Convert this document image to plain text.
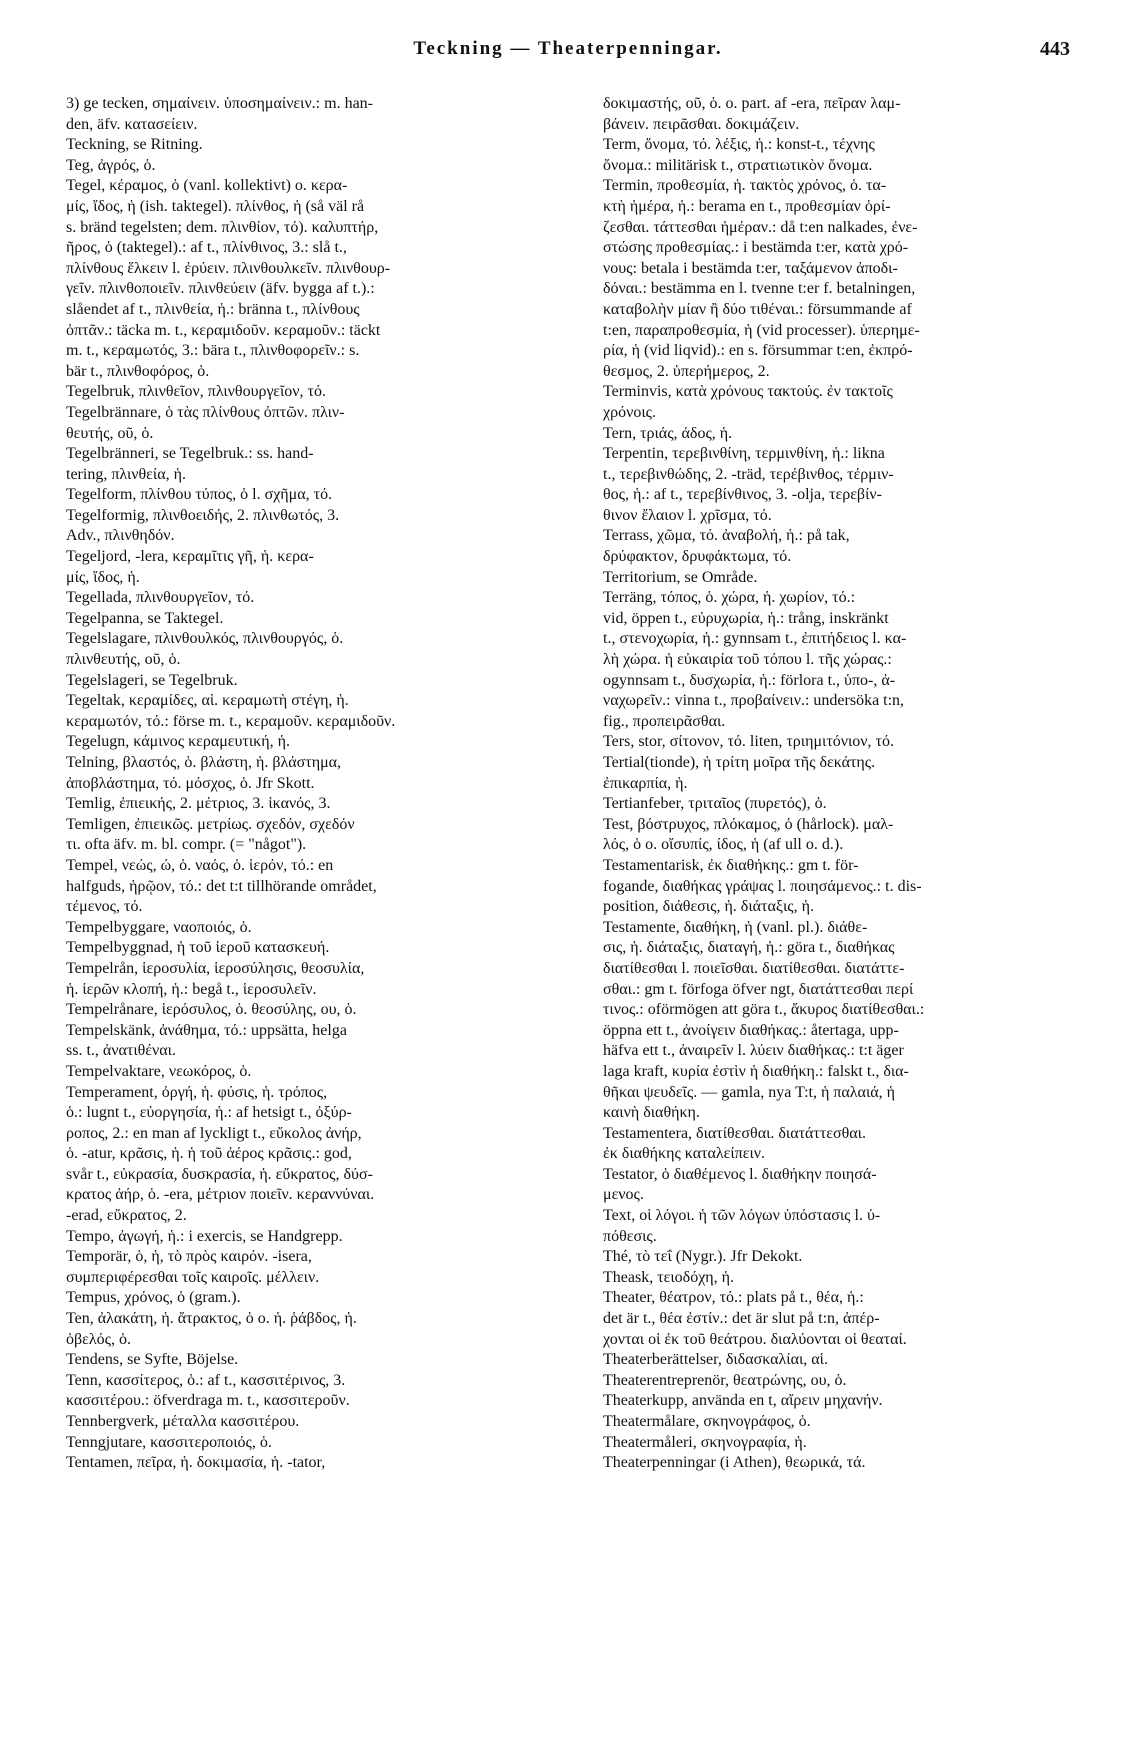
Teckning — Theaterpenningar.	443
3) ge tecken, σημαίνειν. ὑποσημαίνειν.: m. han-
den, äfv. κατασείειν.
Teckning, se Ritning.
Teg, ἀγρός, ὁ.
Tegel, κέραμος, ὁ (vanl. kollektivt) o. κερα-
μίς, ἴδος, ἡ (ish. taktegel). πλίνθος, ἡ (så väl rå
s. bränd tegelsten; dem. πλινθίον, τό). καλυπτήρ,
ῆρος, ὁ (taktegel).: af t., πλίνθινος, 3.: slå t.,
πλίνθους ἕλκειν l. ἐρύειν. πλινθουλκεῖν. πλινθουρ-
γεῖν. πλινθοποιεῖν. πλινθεύειν (äfv. bygga af t.).:
slåendet af t., πλινθεία, ἡ.: bränna t., πλίνθους
ὀπτᾶν.: täcka m. t., κεραμιδοῦν. κεραμοῦν.: täckt
m. t., κεραμωτός, 3.: bära t., πλινθοφορεῖν.: s.
bär t., πλινθοφόρος, ὁ.
Tegelbruk, πλινθεῖον, πλινθουργεῖον, τό.
Tegelbrännare, ὁ τὰς πλίνθους ὀπτῶν. πλιν-
θευτής, οῦ, ὁ.
Tegelbränneri, se Tegelbruk.: ss. hand-
tering, πλινθεία, ἡ.
Tegelform, πλίνθου τύπος, ὁ l. σχῆμα, τό.
Tegelformig, πλινθοειδής, 2. πλινθωτός, 3.
Adv., πλινθηδόν.
Tegeljord, -lera, κεραμῖτις γῆ, ἡ. κερα-
μίς, ἴδος, ἡ.
Tegellada, πλινθουργεῖον, τό.
Tegelpanna, se Taktegel.
Tegelslagare, πλινθουλκός, πλινθουργός, ὁ.
πλινθευτής, οῦ, ὁ.
Tegelslageri, se Tegelbruk.
Tegeltak, κεραμίδες, αἱ. κεραμωτὴ στέγη, ἡ.
κεραμωτόν, τό.: förse m. t., κεραμοῦν. κεραμιδοῦν.
Tegelugn, κάμινος κεραμευτική, ἡ.
Telning, βλαστός, ὁ. βλάστη, ἡ. βλάστημα,
ἀποβλάστημα, τό. μόσχος, ὁ. Jfr Skott.
Temlig, ἐπιεικής, 2. μέτριος, 3. ἱκανός, 3.
Temligen, ἐπιεικῶς. μετρίως. σχεδόν, σχεδόν
τι. ofta äfv. m. bl. compr. (= "något").
Tempel, νεώς, ώ, ὁ. ναός, ὁ. ἱερόν, τό.: en
halfguds, ἡρῷον, τό.: det t:t tillhörande området,
τέμενος, τό.
Tempelbyggare, ναοποιός, ὁ.
Tempelbyggnad, ἡ τοῦ ἱεροῦ κατασκευή.
Tempelrån, ἱεροσυλία, ἱεροσύλησις, θεοσυλία,
ἡ. ἱερῶν κλοπή, ἡ.: begå t., ἱεροσυλεῖν.
Tempelrånare, ἱερόσυλος, ὁ. θεοσύλης, ου, ὁ.
Tempelskänk, ἀνάθημα, τό.: uppsätta, helga
ss. t., ἀνατιθέναι.
Tempelvaktare, νεωκόρος, ὁ.
Temperament, ὀργή, ἡ. φύσις, ἡ. τρόπος,
ὁ.: lugnt t., εὐοργησία, ἡ.: af hetsigt t., ὀξύρ-
ροπος, 2.: en man af lyckligt t., εὔκολος ἀνήρ,
ὁ. -atur, κρᾶσις, ἡ. ἡ τοῦ ἀέρος κρᾶσις.: god,
svår t., εὐκρασία, δυσκρασία, ἡ. εὔκρατος, δύσ-
κρατος ἀήρ, ὁ. -era, μέτριον ποιεῖν. κεραννύναι.
-erad, εὔκρατος, 2.
Tempo, ἀγωγή, ἡ.: i exercis, se Handgrepp.
Temporär, ὁ, ἡ, τὸ πρὸς καιρόν. -isera,
συμπεριφέρεσθαι τοῖς καιροῖς. μέλλειν.
Tempus, χρόνος, ὁ (gram.).
Ten, ἀλακάτη, ἡ. ἄτρακτος, ὁ o. ἡ. ῥάβδος, ἡ.
ὀβελός, ὁ.
Tendens, se Syfte, Böjelse.
Tenn, κασσίτερος, ὁ.: af t., κασσιτέρινος, 3.
κασσιτέρου.: öfverdraga m. t., κασσιτεροῦν.
Tennbergverk, μέταλλα κασσιτέρου.
Tenngjutare, κασσιτεροποιός, ὁ.
Tentamen, πεῖρα, ἡ. δοκιμασία, ἡ. -tator,
δοκιμαστής, οῦ, ὁ. o. part. af -era, πεῖραν λαμ-
βάνειν. πειρᾶσθαι. δοκιμάζειν.
Term, ὄνομα, τό. λέξις, ἡ.: konst-t., τέχνης
ὄνομα.: militärisk t., στρατιωτικὸν ὄνομα.
Termin, προθεσμία, ἡ. τακτὸς χρόνος, ὁ. τα-
κτὴ ἡμέρα, ἡ.: berama en t., προθεσμίαν ὁρί-
ζεσθαι. τάττεσθαι ἡμέραν.: då t:en nalkades, ἐνε-
στώσης προθεσμίας.: i bestämda t:er, κατὰ χρό-
νους: betala i bestämda t:er, ταξάμενον ἀποδι-
δόναι.: bestämma en l. tvenne t:er f. betalningen,
καταβολὴν μίαν ἢ δύο τιθέναι.: försummande af
t:en, παραπροθεσμία, ἡ (vid processer). ὑπερημε-
ρία, ἡ (vid liqvid).: en s. försummar t:en, ἐκπρό-
θεσμος, 2. ὑπερήμερος, 2.
Terminvis, κατὰ χρόνους τακτούς. ἐν τακτοῖς
χρόνοις.
Tern, τριάς, άδος, ἡ.
Terpentin, τερεβινθίνη, τερμινθίνη, ἡ.: likna
t., τερεβινθώδης, 2. -träd, τερέβινθος, τέρμιν-
θος, ἡ.: af t., τερεβίνθινος, 3. -olja, τερεβίν-
θινον ἔλαιον l. χρῖσμα, τό.
Terrass, χῶμα, τό. ἀναβολή, ἡ.: på tak,
δρύφακτον, δρυφάκτωμα, τό.
Territorium, se Område.
Terräng, τόπος, ὁ. χώρα, ἡ. χωρίον, τό.:
vid, öppen t., εὐρυχωρία, ἡ.: trång, inskränkt
t., στενοχωρία, ἡ.: gynnsam t., ἐπιτήδειος l. κα-
λὴ χώρα. ἡ εὐκαιρία τοῦ τόπου l. τῆς χώρας.:
ogynnsam t., δυσχωρία, ἡ.: förlora t., ὑπο-, ἀ-
ναχωρεῖν.: vinna t., προβαίνειν.: undersöka t:n,
fig., προπειρᾶσθαι.
Ters, stor, σίτονον, τό. liten, τριημιτόνιον, τό.
Tertial(tionde), ἡ τρίτη μοῖρα τῆς δεκάτης.
ἐπικαρπία, ἡ.
Tertianfeber, τριταῖος (πυρετός), ὁ.
Test, βόστρυχος, πλόκαμος, ὁ (hårlock). μαλ-
λός, ὁ o. οἴσυπίς, ίδος, ἡ (af ull o. d.).
Testamentarisk, ἐκ διαθήκης.: gm t. för-
fogande, διαθήκας γράψας l. ποιησάμενος.: t. dis-
position, διάθεσις, ἡ. διάταξις, ἡ.
Testamente, διαθήκη, ἡ (vanl. pl.). διάθε-
σις, ἡ. διάταξις, διαταγή, ἡ.: göra t., διαθήκας
διατίθεσθαι l. ποιεῖσθαι. διατίθεσθαι. διατάττε-
σθαι.: gm t. förfoga öfver ngt, διατάττεσθαι περί
τινος.: oförmögen att göra t., ἄκυρος διατίθεσθαι.:
öppna ett t., ἀνοίγειν διαθήκας.: återtaga, upp-
häfva ett t., ἀναιρεῖν l. λύειν διαθήκας.: t:t äger
laga kraft, κυρία ἐστὶν ἡ διαθήκη.: falskt t., δια-
θῆκαι ψευδεῖς. — gamla, nya T:t, ἡ παλαιά, ἡ
καινὴ διαθήκη.
Testamentera, διατίθεσθαι. διατάττεσθαι.
ἐκ διαθήκης καταλείπειν.
Testator, ὁ διαθέμενος l. διαθήκην ποιησά-
μενος.
Text, οἱ λόγοι. ἡ τῶν λόγων ὑπόστασις l. ὑ-
πόθεσις.
Thé, τὸ τεΐ (Nygr.). Jfr Dekokt.
Theask, τειοδόχη, ἡ.
Theater, θέατρον, τό.: plats på t., θέα, ἡ.:
det är t., θέα ἐστίν.: det är slut på t:n, ἀπέρ-
χονται οἱ ἐκ τοῦ θεάτρου. διαλύονται οἱ θεαταί.
Theaterberättelser, διδασκαλίαι, αἱ.
Theaterentreprenör, θεατρώνης, ου, ὁ.
Theaterkupp, använda en t, αἴρειν μηχανήν.
Theatermålare, σκηνογράφος, ὁ.
Theatermåleri, σκηνογραφία, ἡ.
Theaterpenningar (i Athen), θεωρικά, τά.
